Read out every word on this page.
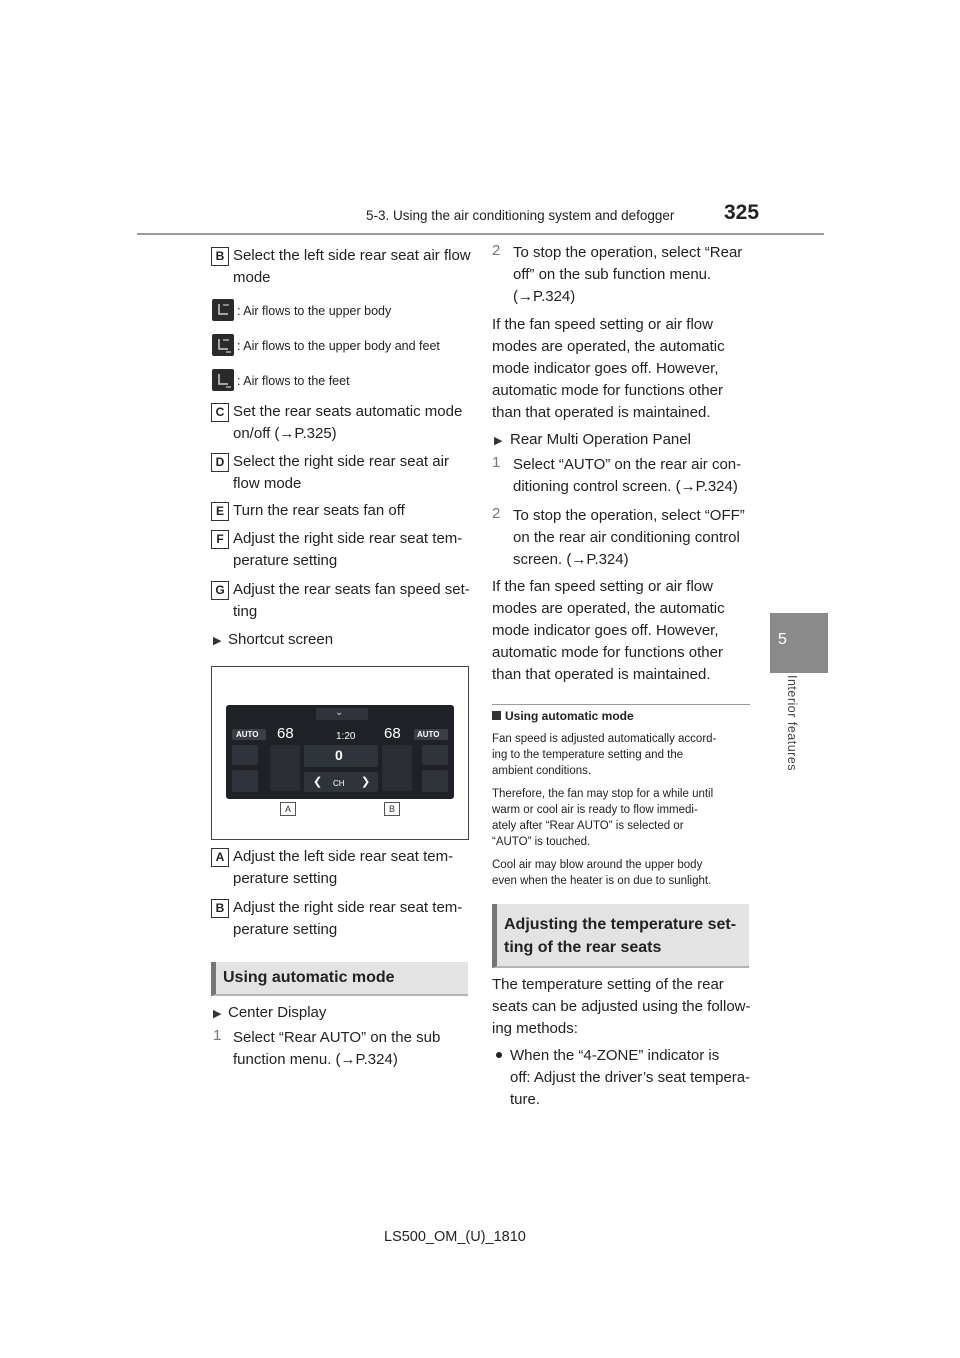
5-3. Using the air conditioning system and defogger 325
5
Interior features
B Select the left side rear seat air flow
mode
: Air flows to the upper body
: Air flows to the upper body and feet
: Air flows to the feet
C Set the rear seats automatic mode
on/off (→P.325)
D Select the right side rear seat air
flow mode
E Turn the rear seats fan off
F Adjust the right side rear seat tem-
perature setting
G Adjust the rear seats fan speed set-
ting
▶ Shortcut screen
⌄
AUTO 68	1:20 68 AUTO
0
❮ CH ❯
A	B
A Adjust the left side rear seat tem-
perature setting
B Adjust the right side rear seat tem-
perature setting
Using automatic mode
▶ Center Display
1 Select “Rear AUTO” on the sub
function menu. (→P.324)
2 To stop the operation, select “Rear
off” on the sub function menu.
(→P.324)
If the fan speed setting or air flow
modes are operated, the automatic
mode indicator goes off. However,
automatic mode for functions other
than that operated is maintained.
▶ Rear Multi Operation Panel
1 Select “AUTO” on the rear air con-
ditioning control screen. (→P.324)
2 To stop the operation, select “OFF”
on the rear air conditioning control
screen. (→P.324)
If the fan speed setting or air flow
modes are operated, the automatic
mode indicator goes off. However,
automatic mode for functions other
than that operated is maintained.
Using automatic mode
Fan speed is adjusted automatically accord-
ing to the temperature setting and the
ambient conditions.
Therefore, the fan may stop for a while until
warm or cool air is ready to flow immedi-
ately after “Rear AUTO” is selected or
“AUTO” is touched.
Cool air may blow around the upper body
even when the heater is on due to sunlight.
Adjusting the temperature set-
ting of the rear seats
The temperature setting of the rear
seats can be adjusted using the follow-
ing methods:
When the “4-ZONE” indicator is
off: Adjust the driver’s seat tempera-
ture.
LS500_OM_(U)_1810
